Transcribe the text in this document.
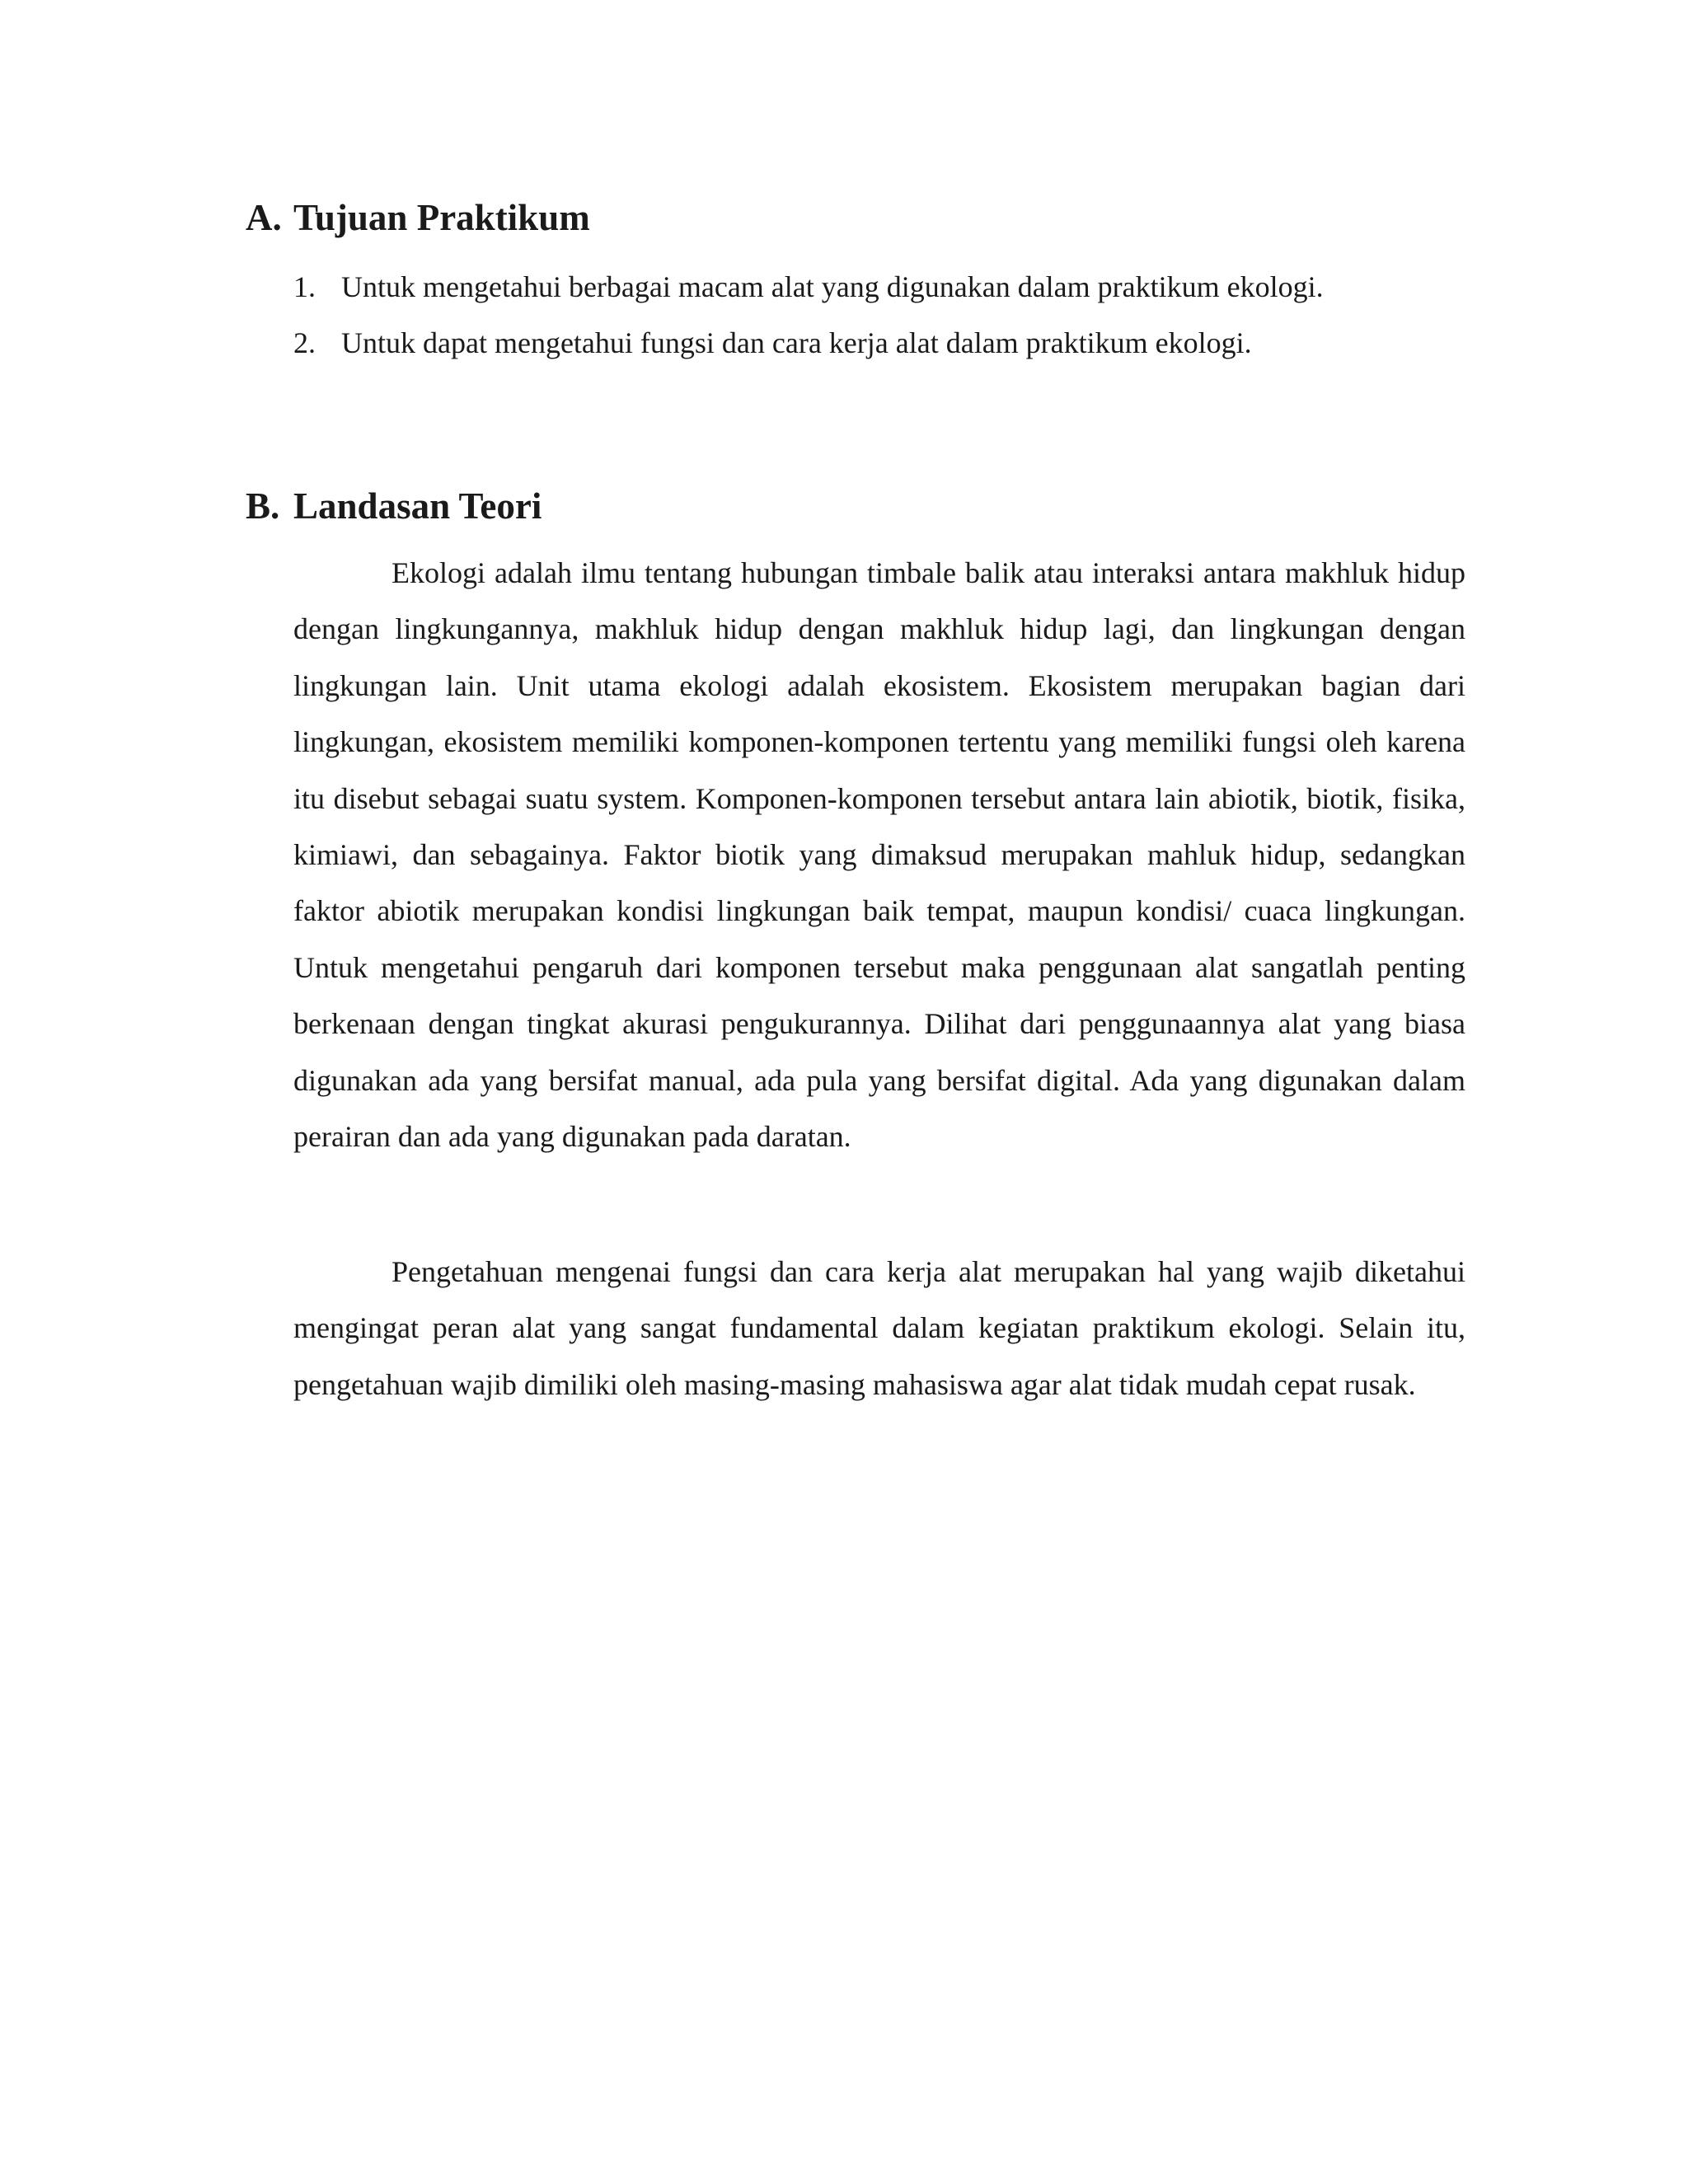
A. Tujuan Praktikum
1. Untuk mengetahui berbagai macam alat yang digunakan dalam praktikum ekologi.
2. Untuk dapat mengetahui fungsi dan cara kerja alat dalam praktikum ekologi.
B. Landasan Teori

Ekologi adalah ilmu tentang hubungan timbale balik atau interaksi antara makhluk hidup dengan lingkungannya, makhluk hidup dengan makhluk hidup lagi, dan lingkungan dengan lingkungan lain. Unit utama ekologi adalah ekosistem. Ekosistem merupakan bagian dari lingkungan, ekosistem memiliki komponen-komponen tertentu yang memiliki fungsi oleh karena itu disebut sebagai suatu system. Komponen-komponen tersebut antara lain abiotik, biotik, fisika, kimiawi, dan sebagainya. Faktor biotik yang dimaksud merupakan mahluk hidup, sedangkan faktor abiotik merupakan kondisi lingkungan baik tempat, maupun kondisi/ cuaca lingkungan. Untuk mengetahui pengaruh dari komponen tersebut maka penggunaan alat sangatlah penting berkenaan dengan tingkat akurasi pengukurannya. Dilihat dari penggunaannya alat yang biasa digunakan ada yang bersifat manual, ada pula yang bersifat digital. Ada yang digunakan dalam perairan dan ada yang digunakan pada daratan.

Pengetahuan mengenai fungsi dan cara kerja alat merupakan hal yang wajib diketahui mengingat peran alat yang sangat fundamental dalam kegiatan praktikum ekologi. Selain itu, pengetahuan wajib dimiliki oleh masing-masing mahasiswa agar alat tidak mudah cepat rusak.
